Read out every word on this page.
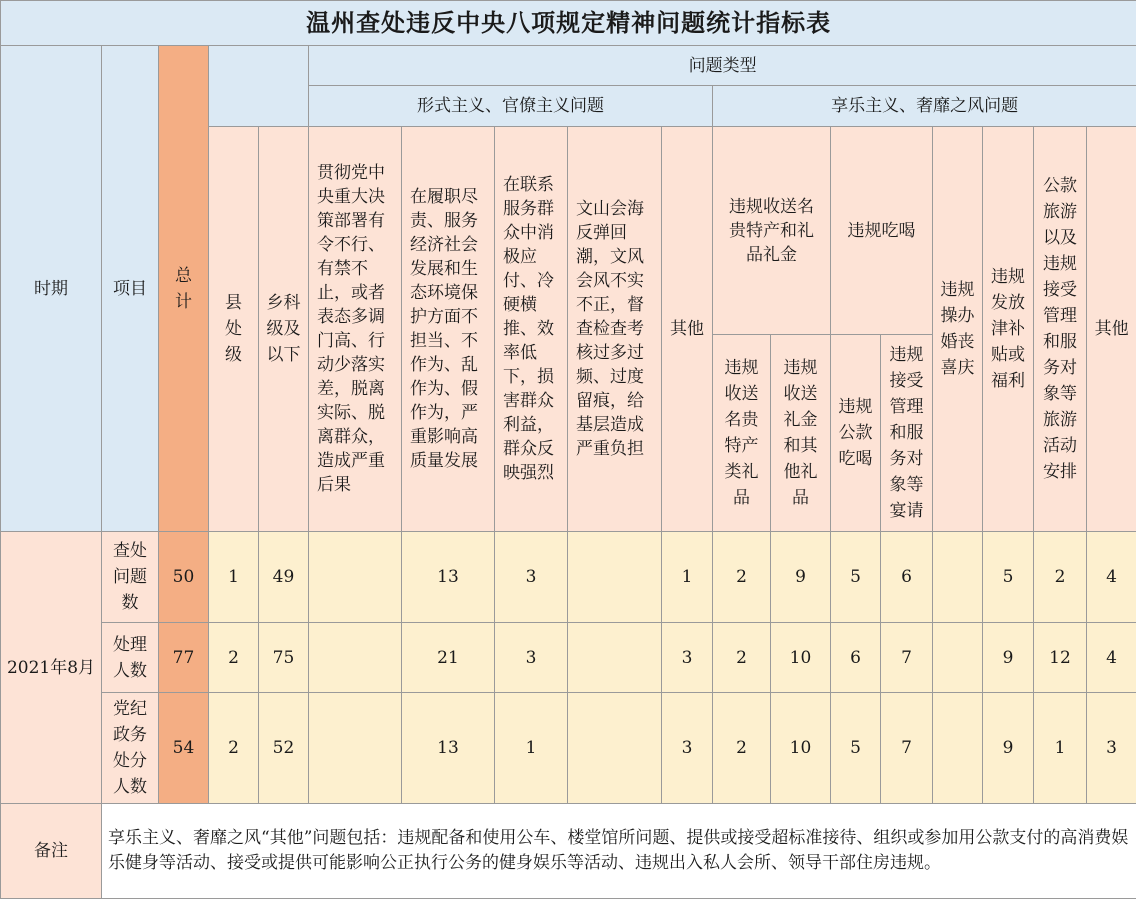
温州查处违反中央八项规定精神问题统计指标表																	
时期	项目	总计			问题类型												
					形式主义、官僚主义问题					享乐主义、奢靡之风问题							
			县处级	乡科级及以下	贯彻党中央重大决策部署有令不行、有禁不止，或者表态多调门高、行动少落实差，脱离实际、脱离群众，造成严重后果	在履职尽责、服务经济社会发展和生态环境保护方面不担当、不作为、乱作为、假作为，严重影响高质量发展	在联系服务群众中消极应付、冷硬横推、效率低下，损害群众利益，群众反映强烈	文山会海反弹回潮，文风会风不实不正，督查检查考核过多过频、过度留痕，给基层造成严重负担	其他	违规收送名贵特产和礼品礼金		违规吃喝		违规操办婚丧喜庆	违规发放津补贴或福利	公款旅游以及违规接受管理和服务对象等旅游活动安排	其他
										违规收送名贵特产类礼品	违规收送礼金和其他礼品	违规公款吃喝	违规接受管理和服务对象等宴请				
2021年8月	查处问题数	50	1	49		13	3		1	2	9	5	6		5	2	4
	处理人数	77	2	75		21	3		3	2	10	6	7		9	12	4
	党纪政务处分人数	54	2	52		13	1		3	2	10	5	7		9	1	3
备注	享乐主义、奢靡之风“其他”问题包括：违规配备和使用公车、楼堂馆所问题、提供或接受超标准接待、组织或参加用公款支付的高消费娱乐健身等活动、接受或提供可能影响公正执行公务的健身娱乐等活动、违规出入私人会所、领导干部住房违规。																
